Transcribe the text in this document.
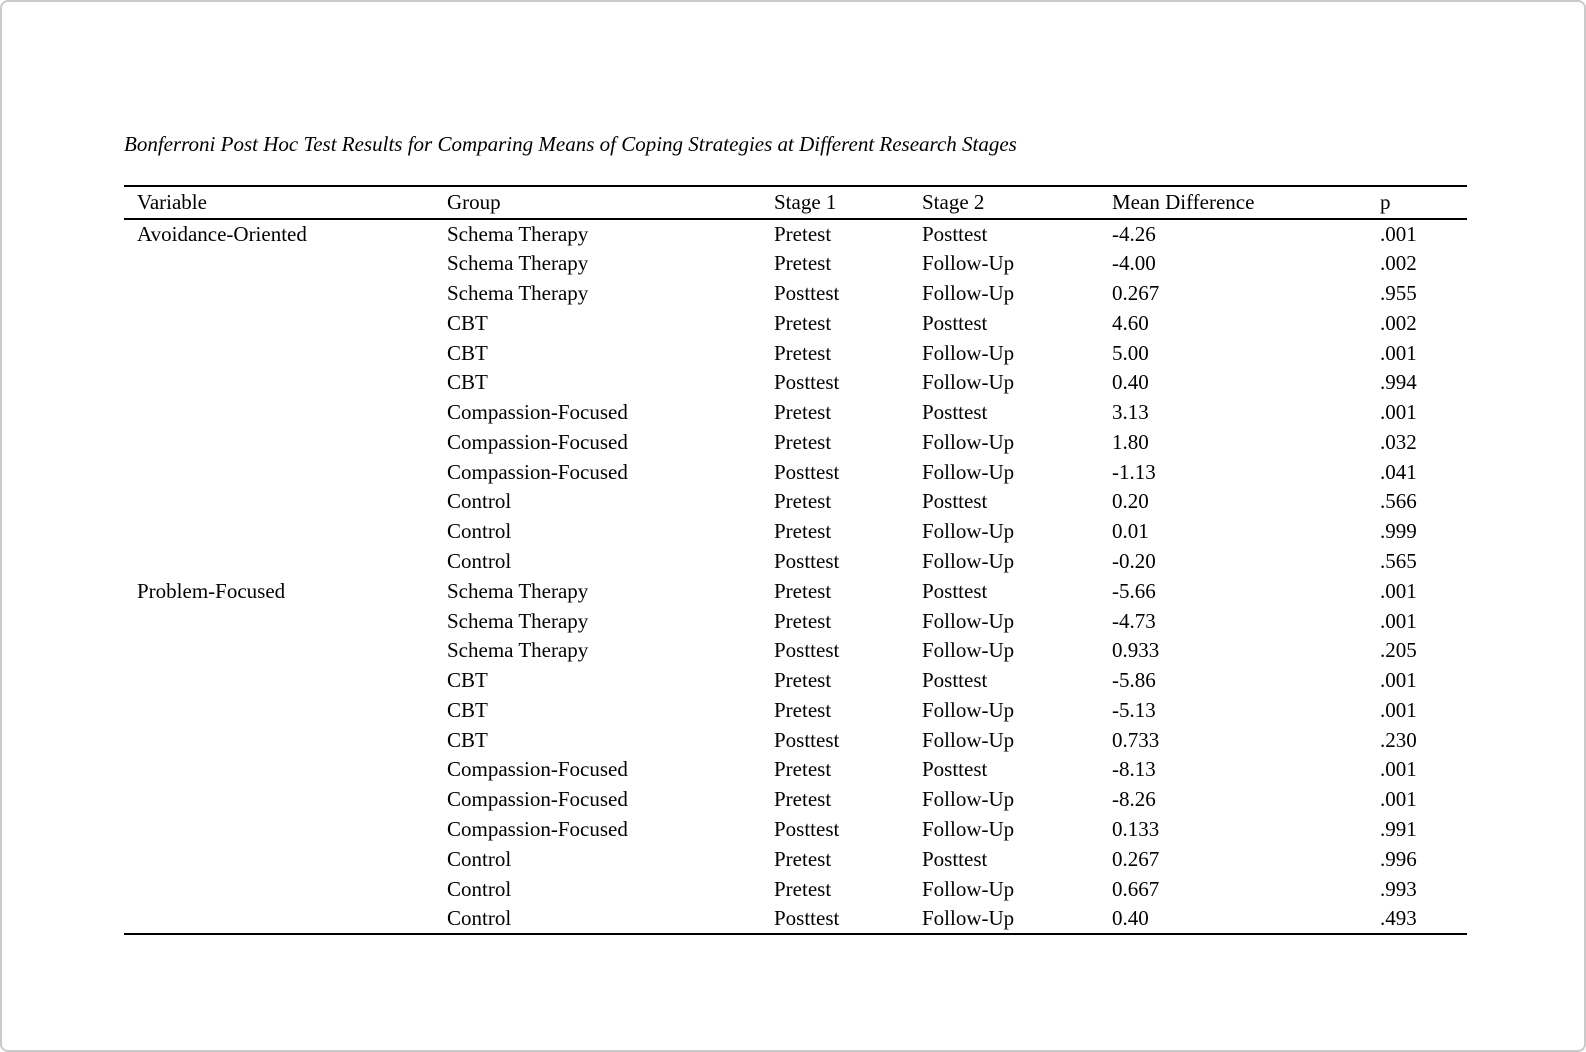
Bonferroni Post Hoc Test Results for Comparing Means of Coping Strategies at Different Research Stages
Variable	Group	Stage 1	Stage 2	Mean Difference	p
Avoidance-Oriented	Schema Therapy	Pretest	Posttest	-4.26	.001
	Schema Therapy	Pretest	Follow-Up	-4.00	.002
	Schema Therapy	Posttest	Follow-Up	0.267	.955
	CBT	Pretest	Posttest	4.60	.002
	CBT	Pretest	Follow-Up	5.00	.001
	CBT	Posttest	Follow-Up	0.40	.994
	Compassion-Focused	Pretest	Posttest	3.13	.001
	Compassion-Focused	Pretest	Follow-Up	1.80	.032
	Compassion-Focused	Posttest	Follow-Up	-1.13	.041
	Control	Pretest	Posttest	0.20	.566
	Control	Pretest	Follow-Up	0.01	.999
	Control	Posttest	Follow-Up	-0.20	.565
Problem-Focused	Schema Therapy	Pretest	Posttest	-5.66	.001
	Schema Therapy	Pretest	Follow-Up	-4.73	.001
	Schema Therapy	Posttest	Follow-Up	0.933	.205
	CBT	Pretest	Posttest	-5.86	.001
	CBT	Pretest	Follow-Up	-5.13	.001
	CBT	Posttest	Follow-Up	0.733	.230
	Compassion-Focused	Pretest	Posttest	-8.13	.001
	Compassion-Focused	Pretest	Follow-Up	-8.26	.001
	Compassion-Focused	Posttest	Follow-Up	0.133	.991
	Control	Pretest	Posttest	0.267	.996
	Control	Pretest	Follow-Up	0.667	.993
	Control	Posttest	Follow-Up	0.40	.493
